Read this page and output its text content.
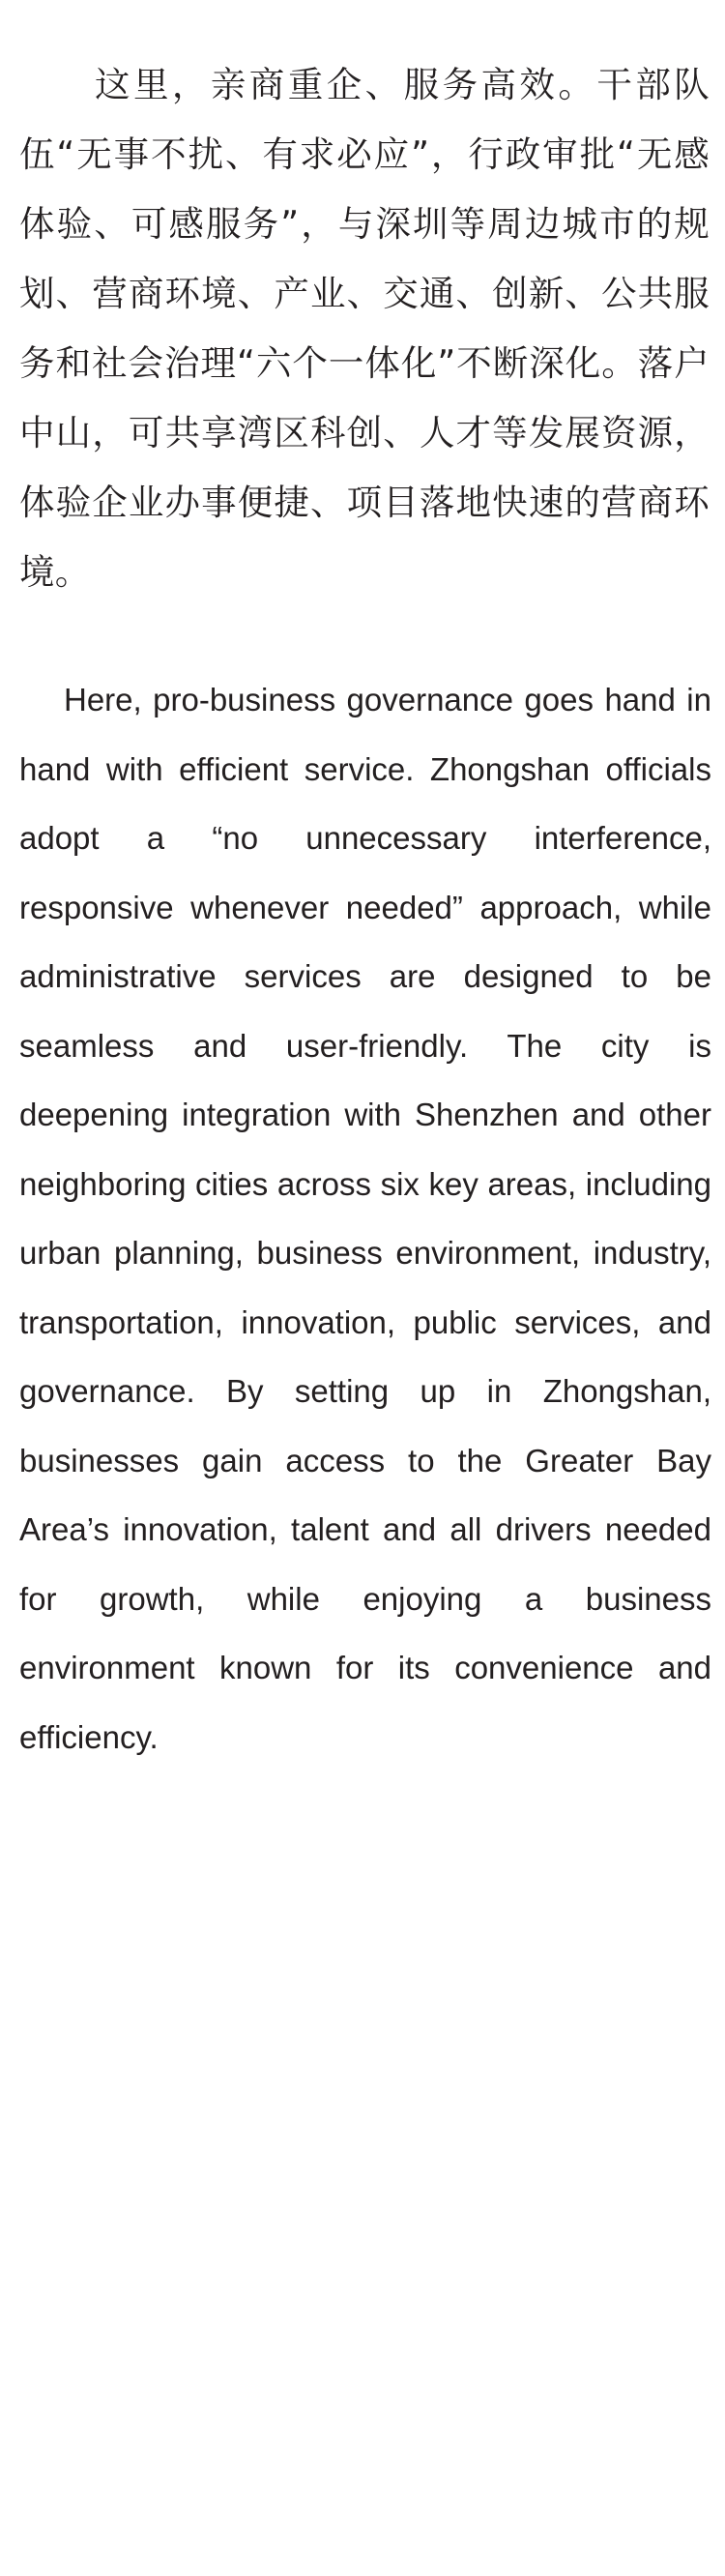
这里，亲商重企、服务高效。干部队伍“无事不扰、有求必应”，行政审批“无感体验、可感服务”，与深圳等周边城市的规划、营商环境、产业、交通、创新、公共服务和社会治理“六个一体化”不断深化。落户中山，可共享湾区科创、人才等发展资源，体验企业办事便捷、项目落地快速的营商环境。

Here, pro-business governance goes hand in hand with efficient service. Zhongshan officials adopt a “no unnecessary interference, responsive whenever needed” approach, while administrative services are designed to be seamless and user-friendly. The city is deepening integration with Shenzhen and other neighboring cities across six key areas, including urban planning, business environment, industry, transportation, innovation, public services, and governance. By setting up in Zhongshan, businesses gain access to the Greater Bay Area’s innovation, talent and all drivers needed for growth, while enjoying a business environment known for its convenience and efficiency.
